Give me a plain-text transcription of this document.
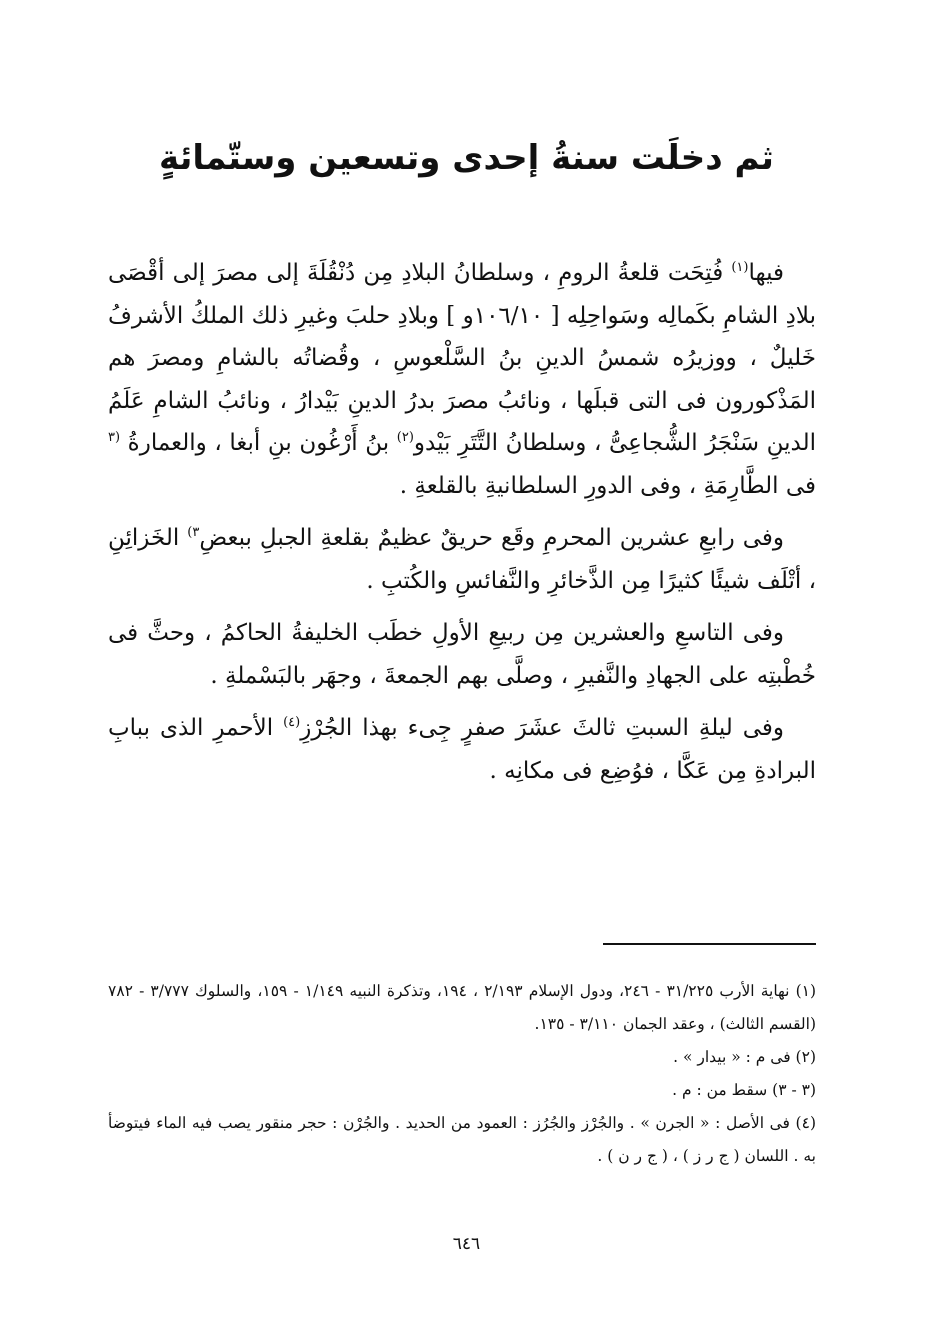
ثم دخلَت سنةُ إحدى وتسعين وستّمائةٍ

فيها$^{(١)}$ فُتِحَت قلعةُ الرومِ ، وسلطانُ البلادِ مِن دُنْقُلَةَ إلى مصرَ إلى أقْصَى بلادِ الشامِ بكَمالِه وسَواحِلِه [ ١٠٦/١٠و ] وبلادِ حلبَ وغيرِ ذلك الملكُ الأشرفُ خَليلٌ ، ووزيرُه شمسُ الدينِ بنُ السَّلْعوسِ ، وقُضاتُه بالشامِ ومصرَ هم المَذْكورون فى التى قبلَها ، ونائبُ مصرَ بدرُ الدينِ بَيْدارُ ، ونائبُ الشامِ عَلَمُ الدينِ سَنْجَرُ الشُّجاعِىُّ ، وسلطانُ التَّتَرِ بَيْدو$^{(٢)}$ بنُ أَرْغُون بنِ أبغا ، والعمارةُ $^{(٣}$ فى الطَّارِمَةِ ، وفى الدورِ السلطانيةِ بالقلعةِ .

وفى رابعِ عشرين المحرمِ وقَع حريقٌ عظيمٌ بقلعةِ الجبلِ ببعضِ$^{٣)}$ الخَزائِنِ ، أتْلَف شيئًا كثيرًا مِن الذَّخائرِ والنَّفائسِ والكُتبِ .

وفى التاسعِ والعشرين مِن ربيعِ الأولِ خطَب الخليفةُ الحاكمُ ، وحثَّ فى خُطْبتِه على الجهادِ والنَّفيرِ ، وصلَّى بهم الجمعةَ ، وجهَر بالبَسْملةِ .

وفى ليلةِ السبتِ ثالثَ عشَرَ صفرٍ جِىء بهذا الجُرْزِ$^{(٤)}$ الأحمرِ الذى ببابِ البرادةِ مِن عَكَّا ، فوُضِع فى مكانِه .

(١) نهاية الأرب ٣١/٢٢٥ - ٢٤٦، ودول الإسلام ٢/١٩٣ ، ١٩٤، وتذكرة النبيه ١/١٤٩ - ١٥٩، والسلوك ٣/٧٧٧ - ٧٨٢ (القسم الثالث) ، وعقد الجمان ٣/١١٠ - ١٣٥.

(٢) فى م : « بيدار » .

(٣ - ٣) سقط من : م .

(٤) فى الأصل : « الجرن » . والجُرْز والجُرُز : العمود من الحديد . والجُرْن : حجر منقور يصب فيه الماء فيتوضأ به . اللسان ( ج ر ز ) ، ( ج ر ن ) .

٦٤٦
